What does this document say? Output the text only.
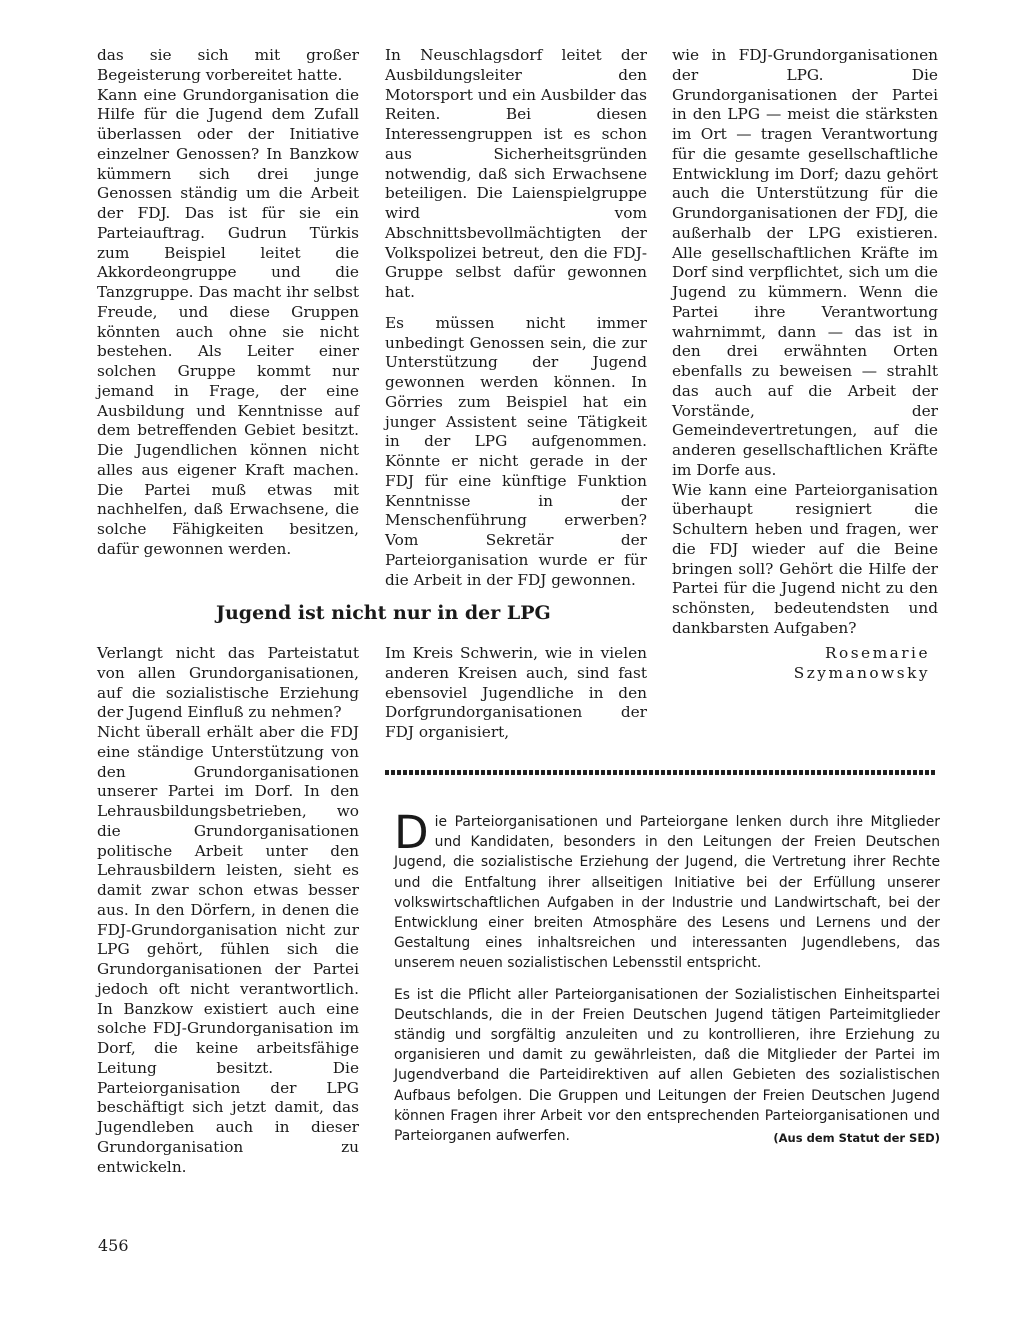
das sie sich mit großer Begeisterung vorbereitet hatte.

Kann eine Grundorganisation die Hilfe für die Jugend dem Zufall überlassen oder der Initiative einzelner Genossen? In Banzkow kümmern sich drei junge Genossen ständig um die Arbeit der FDJ. Das ist für sie ein Parteiauftrag. Gudrun Türkis zum Beispiel leitet die Akkordeongruppe und die Tanzgruppe. Das macht ihr selbst Freude, und diese Gruppen könnten auch ohne sie nicht bestehen. Als Leiter einer solchen Gruppe kommt nur jemand in Frage, der eine Ausbildung und Kenntnisse auf dem betreffenden Gebiet besitzt. Die Jugendlichen können nicht alles aus eigener Kraft machen. Die Partei muß etwas mit nachhelfen, daß Erwachsene, die solche Fähigkeiten besitzen, dafür gewonnen werden.

In Neuschlagsdorf leitet der Ausbildungsleiter den Motorsport und ein Ausbilder das Reiten. Bei diesen Interessengruppen ist es schon aus Sicherheitsgründen notwendig, daß sich Erwachsene beteiligen. Die Laienspielgruppe wird vom Abschnittsbevollmächtigten der Volkspolizei betreut, den die FDJ-Gruppe selbst dafür gewonnen hat.

Es müssen nicht immer unbedingt Genossen sein, die zur Unterstützung der Jugend gewonnen werden können. In Görries zum Beispiel hat ein junger Assistent seine Tätigkeit in der LPG aufgenommen. Könnte er nicht gerade in der FDJ für eine künftige Funktion Kenntnisse in der Menschenführung erwerben? Vom Sekretär der Parteiorganisation wurde er für die Arbeit in der FDJ gewonnen.

wie in FDJ-Grundorganisationen der LPG. Die Grundorganisationen der Partei in den LPG — meist die stärksten im Ort — tragen Verantwortung für die gesamte gesellschaftliche Entwicklung im Dorf; dazu gehört auch die Unterstützung für die Grundorganisationen der FDJ, die außerhalb der LPG existieren. Alle gesellschaftlichen Kräfte im Dorf sind verpflichtet, sich um die Jugend zu kümmern. Wenn die Partei ihre Verantwortung wahrnimmt, dann — das ist in den drei erwähnten Orten ebenfalls zu beweisen — strahlt das auch auf die Arbeit der Vorstände, der Gemeindevertretungen, auf die anderen gesellschaftlichen Kräfte im Dorfe aus.

Wie kann eine Parteiorganisation überhaupt resigniert die Schultern heben und fragen, wer die FDJ wieder auf die Beine bringen soll? Gehört die Hilfe der Partei für die Jugend nicht zu den schönsten, bedeutendsten und dankbarsten Aufgaben?

Rosemarie
Szymanowsky
Jugend ist nicht nur in der LPG

Verlangt nicht das Parteistatut von allen Grundorganisationen, auf die sozialistische Erziehung der Jugend Einfluß zu nehmen?

Nicht überall erhält aber die FDJ eine ständige Unterstützung von den Grundorganisationen unserer Partei im Dorf. In den Lehrausbildungsbetrieben, wo die Grundorganisationen politische Arbeit unter den Lehrausbildern leisten, sieht es damit zwar schon etwas besser aus. In den Dörfern, in denen die FDJ-Grundorganisation nicht zur LPG gehört, fühlen sich die Grundorganisationen der Partei jedoch oft nicht verantwortlich. In Banzkow existiert auch eine solche FDJ-Grundorganisation im Dorf, die keine arbeitsfähige Leitung besitzt. Die Parteiorganisation der LPG beschäftigt sich jetzt damit, das Jugendleben auch in dieser Grundorganisation zu entwickeln.

Im Kreis Schwerin, wie in vielen anderen Kreisen auch, sind fast ebensoviel Jugendliche in den Dorfgrundorganisationen der FDJ organisiert,

Die Parteiorganisationen und Parteiorgane lenken durch ihre Mitglieder und Kandidaten, besonders in den Leitungen der Freien Deutschen Jugend, die sozialistische Erziehung der Jugend, die Vertretung ihrer Rechte und die Entfaltung ihrer allseitigen Initiative bei der Erfüllung unserer volkswirtschaftlichen Aufgaben in der Industrie und Landwirtschaft, bei der Entwicklung einer breiten Atmosphäre des Lesens und Lernens und der Gestaltung eines inhaltsreichen und interessanten Jugendlebens, das unserem neuen sozialistischen Lebensstil entspricht.

Es ist die Pflicht aller Parteiorganisationen der Sozialistischen Einheitspartei Deutschlands, die in der Freien Deutschen Jugend tätigen Parteimitglieder ständig und sorgfältig anzuleiten und zu kontrollieren, ihre Erziehung zu organisieren und damit zu gewährleisten, daß die Mitglieder der Partei im Jugendverband die Parteidirektiven auf allen Gebieten des sozialistischen Aufbaus befolgen. Die Gruppen und Leitungen der Freien Deutschen Jugend können Fragen ihrer Arbeit vor den entsprechenden Parteiorganisationen und Parteiorganen aufwerfen.	(Aus dem Statut der SED)
456
